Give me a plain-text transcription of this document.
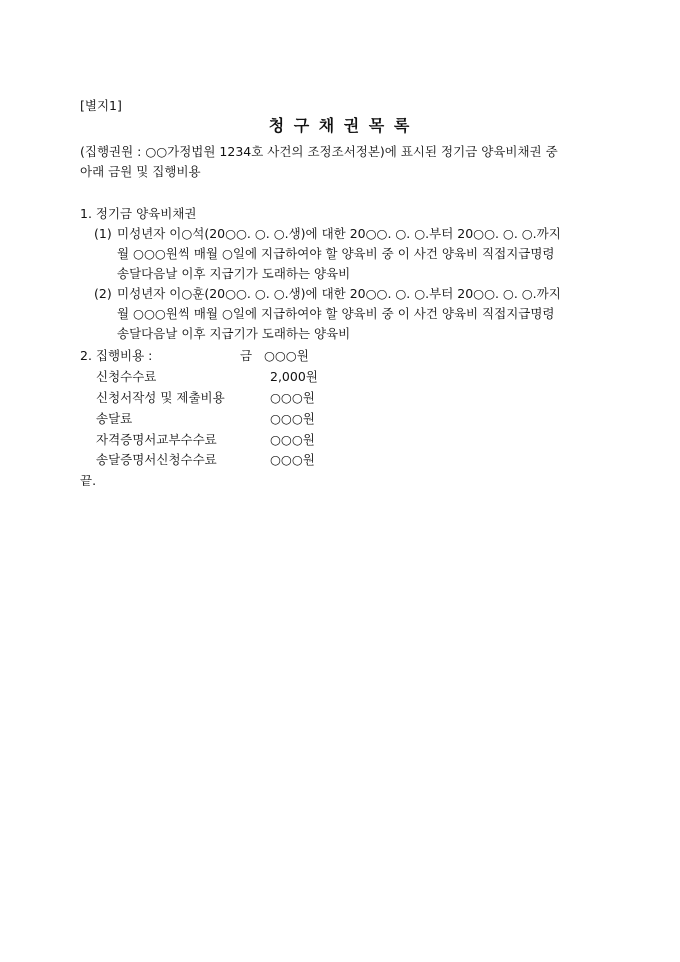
[별지1]
청 구 채 권 목 록
(집행권원 : ○○가정법원 1234호 사건의 조정조서정본)에 표시된 정기금 양육비채권 중
아래 금원 및 집행비용
1. 정기금 양육비채권
(1) 미성년자 이○석(20○○. ○. ○.생)에 대한 20○○. ○. ○.부터 20○○. ○. ○.까지
월 ○○○원씩 매월 ○일에 지급하여야 할 양육비 중 이 사건 양육비 직접지급명령
송달다음날 이후 지급기가 도래하는 양육비
(2) 미성년자 이○훈(20○○. ○. ○.생)에 대한 20○○. ○. ○.부터 20○○. ○. ○.까지
월 ○○○원씩 매월 ○일에 지급하여야 할 양육비 중 이 사건 양육비 직접지급명령
송달다음날 이후 지급기가 도래하는 양육비
2. 집행비용 :	금   ○○○원
신청수수료	2,000원
신청서작성 및 제출비용	○○○원
송달료	○○○원
자격증명서교부수수료	○○○원
송달증명서신청수수료	○○○원
끝.
